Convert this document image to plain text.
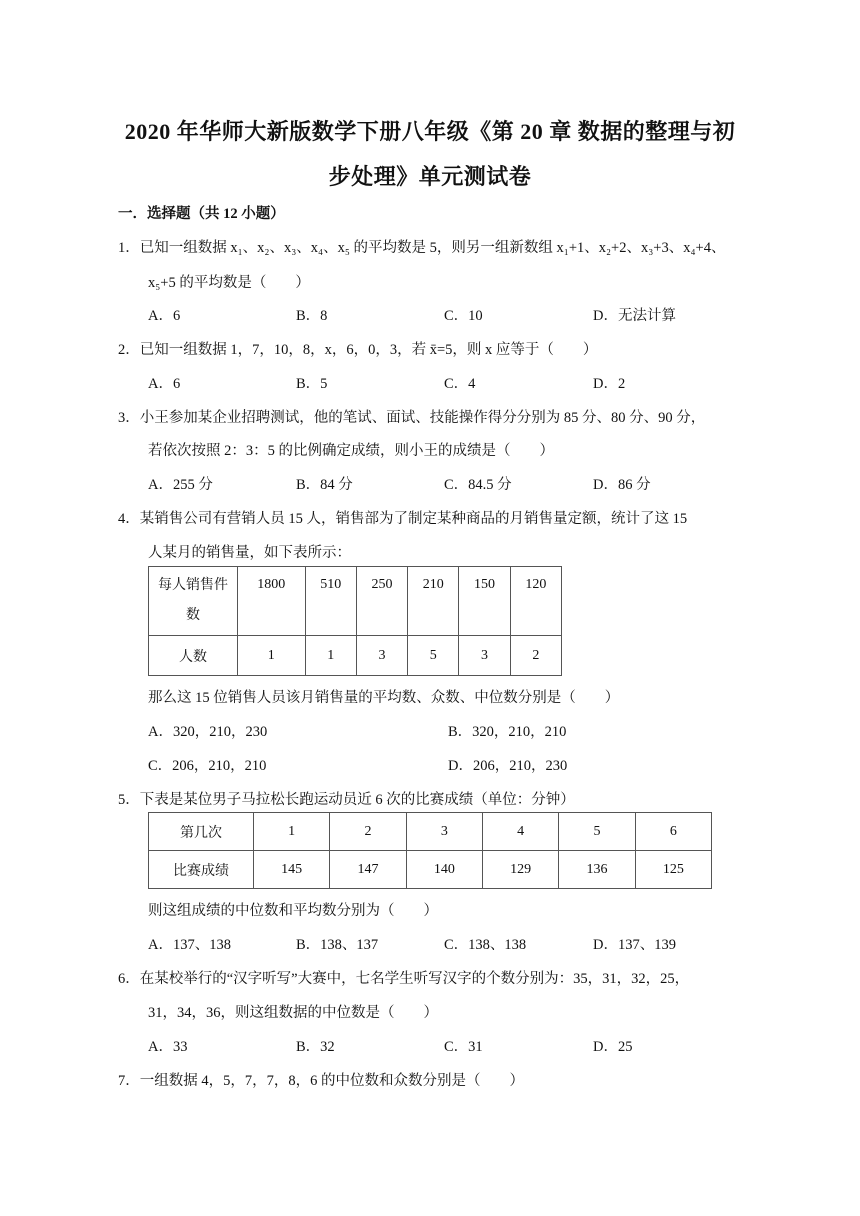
2020 年华师大新版数学下册八年级《第 20 章 数据的整理与初
步处理》单元测试卷
一．选择题（共 12 小题）
1．已知一组数据 x₁、x₂、x₃、x₄、x₅ 的平均数是 5，则另一组新数组 x₁+1、x₂+2、x₃+3、x₄+4、
x₅+5 的平均数是（　　）
A．6	B．8	C．10	D．无法计算
2．已知一组数据 1，7，10，8，x，6，0，3，若 x̄=5，则 x 应等于（　　）
A．6	B．5	C．4	D．2
3．小王参加某企业招聘测试，他的笔试、面试、技能操作得分分别为 85 分、80 分、90 分，
若依次按照 2：3：5 的比例确定成绩，则小王的成绩是（　　）
A．255 分	B．84 分	C．84.5 分	D．86 分
4．某销售公司有营销人员 15 人，销售部为了制定某种商品的月销售量定额，统计了这 15
人某月的销售量，如下表所示：
每人销售件
数	1800	510	250	210	150	120
人数	1	1	3	5	3	2
那么这 15 位销售人员该月销售量的平均数、众数、中位数分别是（　　）
A．320，210，230	B．320，210，210
C．206，210，210	D．206，210，230
5．下表是某位男子马拉松长跑运动员近 6 次的比赛成绩（单位：分钟）
第几次	1	2	3	4	5	6
比赛成绩	145	147	140	129	136	125
则这组成绩的中位数和平均数分别为（　　）
A．137、138	B．138、137	C．138、138	D．137、139
6．在某校举行的“汉字听写”大赛中，七名学生听写汉字的个数分别为：35，31，32，25，
31，34，36，则这组数据的中位数是（　　）
A．33	B．32	C．31	D．25
7．一组数据 4，5，7，7，8，6 的中位数和众数分别是（　　）
